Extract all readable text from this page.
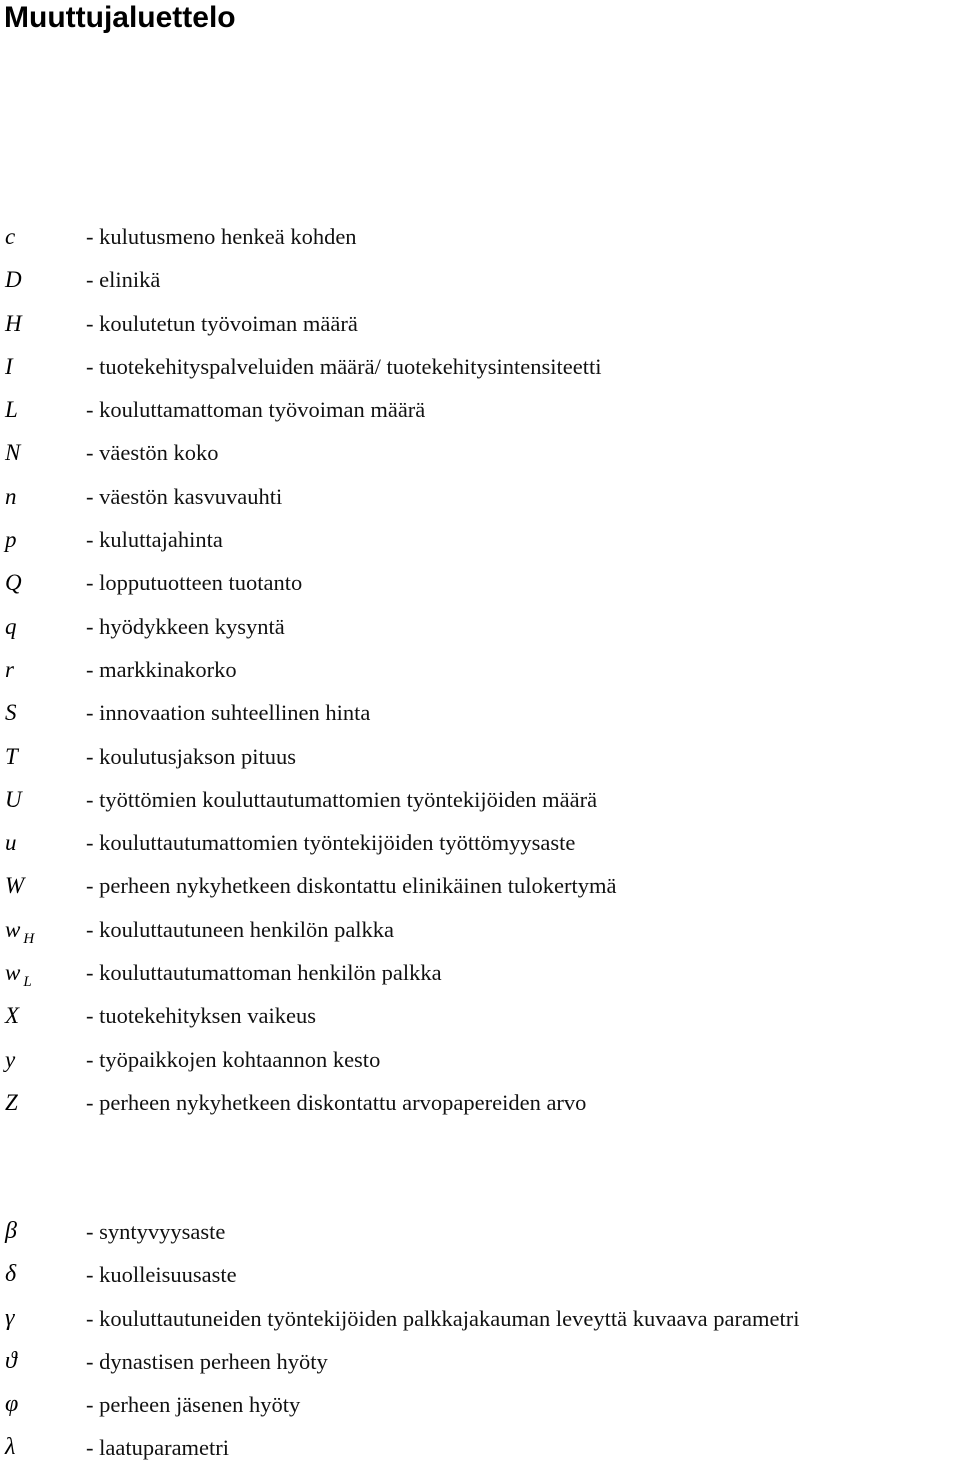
Muuttujaluettelo
c	- kulutusmeno henkeä kohden
D	- elinikä
H	- koulutetun työvoiman määrä
I	- tuotekehityspalveluiden määrä/ tuotekehitysintensiteetti
L	- kouluttamattoman työvoiman määrä
N	- väestön koko
n	- väestön kasvuvauhti
p	- kuluttajahinta
Q	- lopputuotteen tuotanto
q	- hyödykkeen kysyntä
r	- markkinakorko
S	- innovaation suhteellinen hinta
T	- koulutusjakson pituus
U	- työttömien kouluttautumattomien työntekijöiden määrä
u	- kouluttautumattomien työntekijöiden työttömyysaste
W	- perheen nykyhetkeen diskontattu elinikäinen tulokertymä
w $_H$ - kouluttautuneen henkilön palkka
w $_L$ - kouluttautumattoman henkilön palkka
X	- tuotekehityksen vaikeus
y	- työpaikkojen kohtaannon kesto
Z	- perheen nykyhetkeen diskontattu arvopapereiden arvo
β	- syntyvyysaste
δ	- kuolleisuusaste
γ	- kouluttautuneiden työntekijöiden palkkajakauman leveyttä kuvaava parametri
ϑ	- dynastisen perheen hyöty
φ	- perheen jäsenen hyöty
λ	- laatuparametri
